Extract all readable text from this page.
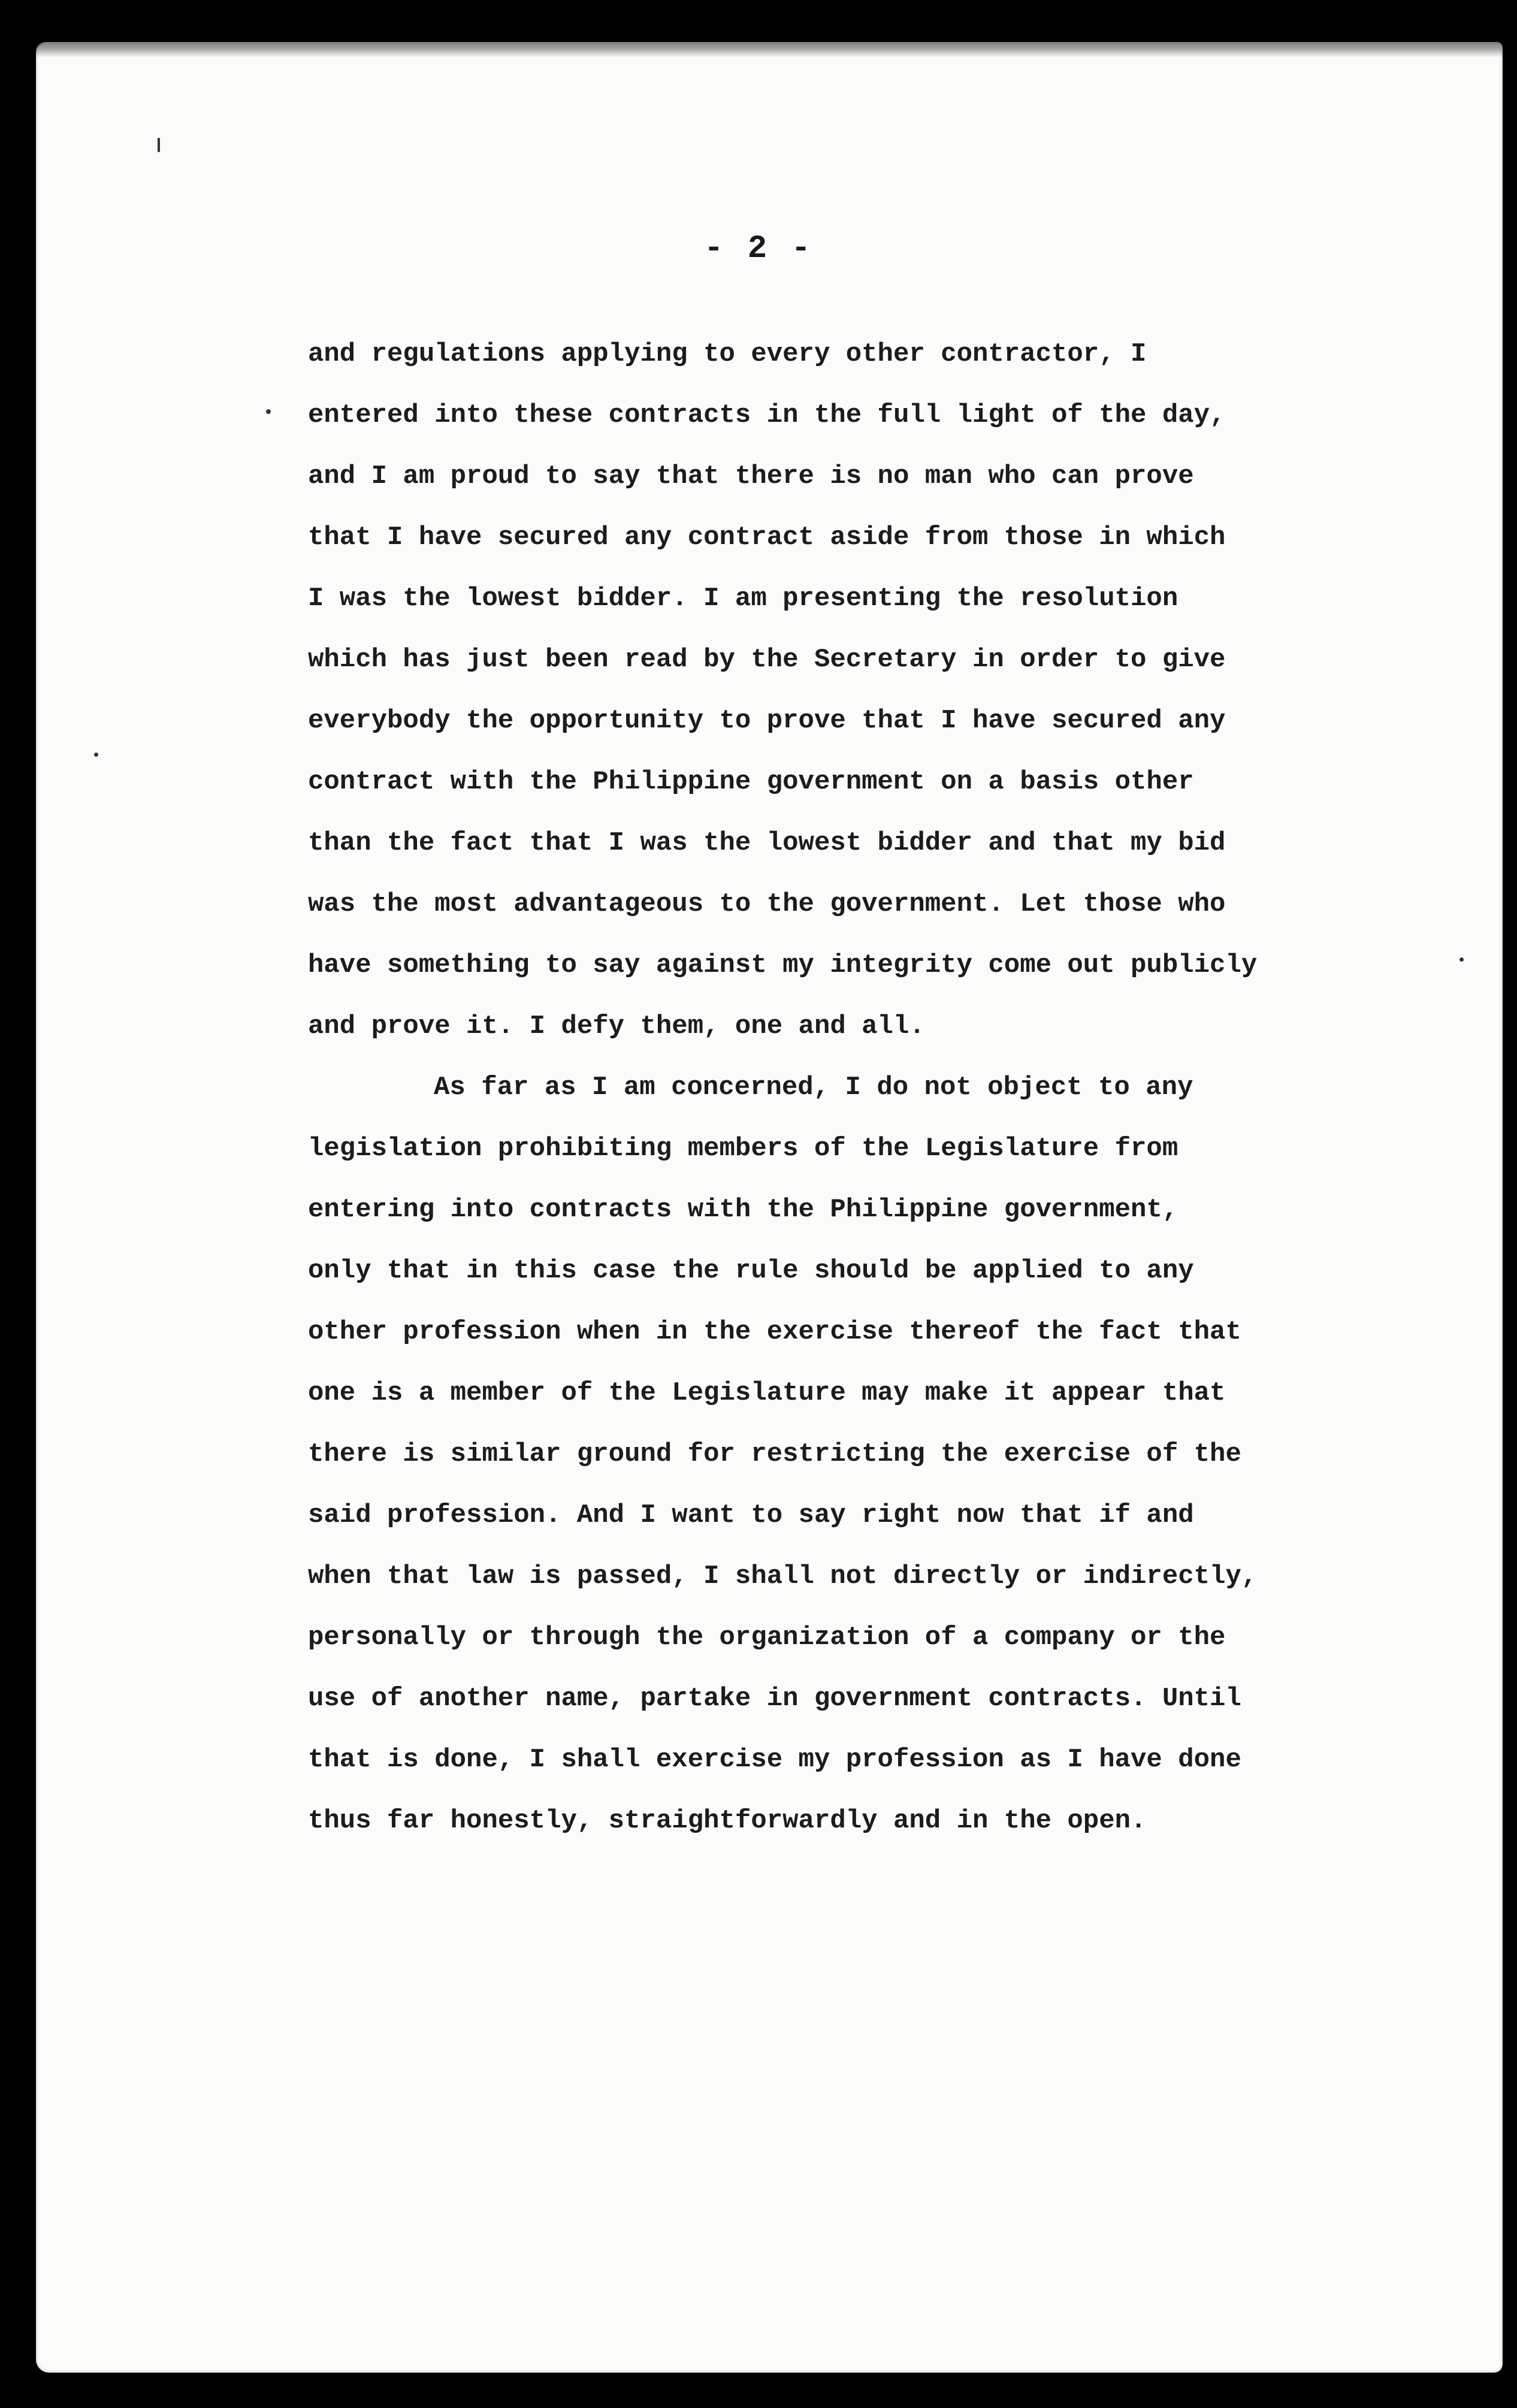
- 2 -
and regulations applying to every other contractor, I
entered into these contracts in the full light of the day,
and I am proud to say that there is no man who can prove
that I have secured any contract aside from those in which
I was the lowest bidder. I am presenting the resolution
which has just been read by the Secretary in order to give
everybody the opportunity to prove that I have secured any
contract with the Philippine government on a basis other
than the fact that I was the lowest bidder and that my bid
was the most advantageous to the government. Let those who
have something to say against my integrity come out publicly
and prove it. I defy them, one and all.
As far as I am concerned, I do not object to any
legislation prohibiting members of the Legislature from
entering into contracts with the Philippine government,
only that in this case the rule should be applied to any
other profession when in the exercise thereof the fact that
one is a member of the Legislature may make it appear that
there is similar ground for restricting the exercise of the
said profession. And I want to say right now that if and
when that law is passed, I shall not directly or indirectly,
personally or through the organization of a company or the
use of another name, partake in government contracts. Until
that is done, I shall exercise my profession as I have done
thus far honestly, straightforwardly and in the open.
